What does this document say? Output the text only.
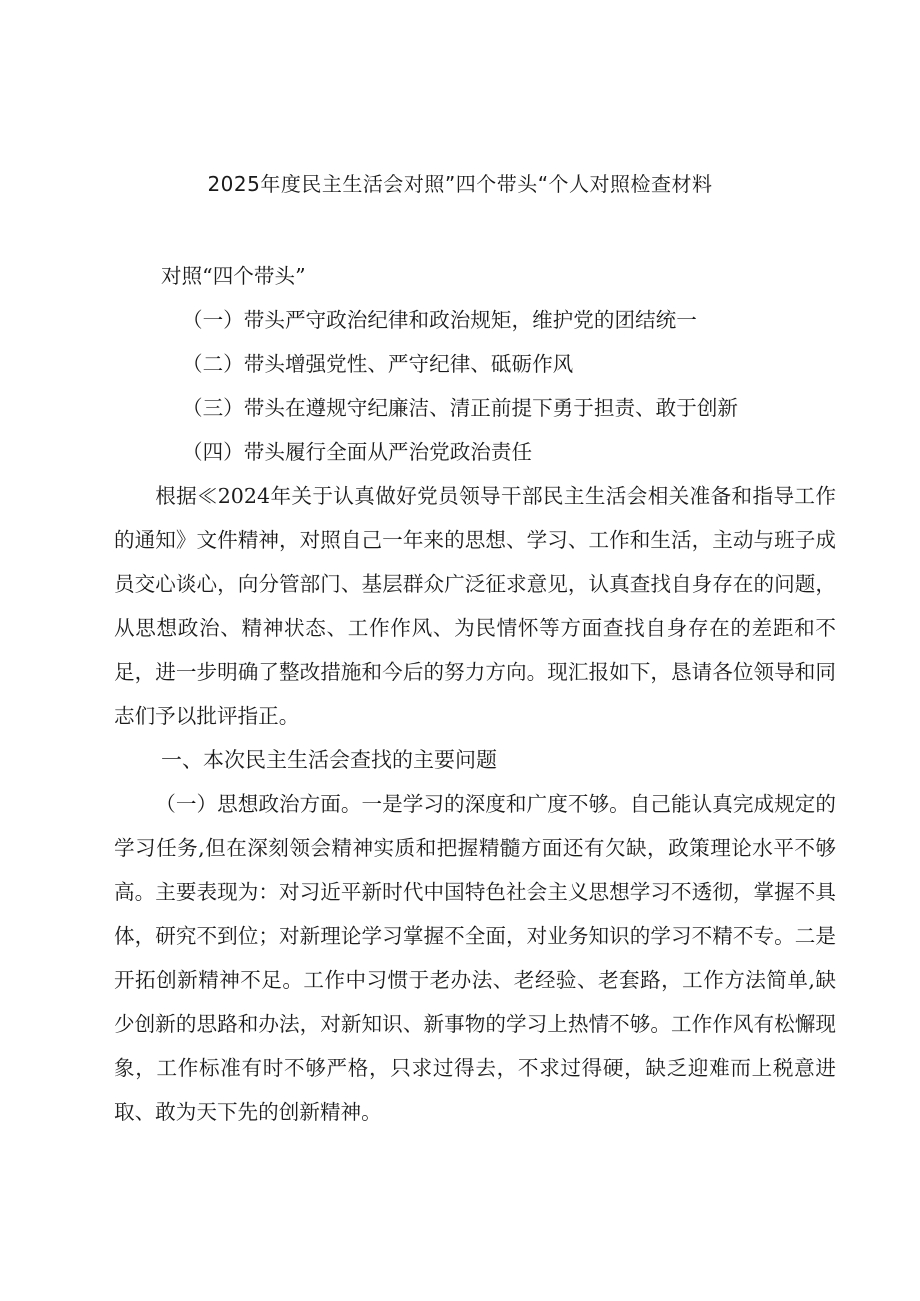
2025年度民主生活会对照”四个带头“个人对照检查材料

对照“四个带头”

（一）带头严守政治纪律和政治规矩，维护党的团结统一

（二）带头增强党性、严守纪律、砥砺作风

（三）带头在遵规守纪廉洁、清正前提下勇于担责、敢于创新

（四）带头履行全面从严治党政治责任

根据≪2024年关于认真做好党员领导干部民主生活会相关准备和指导工作的通知》文件精神，对照自己一年来的思想、学习、工作和生活，主动与班子成员交心谈心，向分管部门、基层群众广泛征求意见，认真查找自身存在的问题，从思想政治、精神状态、工作作风、为民情怀等方面查找自身存在的差距和不足，进一步明确了整改措施和今后的努力方向。现汇报如下，恳请各位领导和同志们予以批评指正。

一、本次民主生活会查找的主要问题

（一）思想政治方面。一是学习的深度和广度不够。自己能认真完成规定的学习任务,但在深刻领会精神实质和把握精髓方面还有欠缺，政策理论水平不够高。主要表现为：对习近平新时代中国特色社会主义思想学习不透彻，掌握不具体，研究不到位；对新理论学习掌握不全面，对业务知识的学习不精不专。二是开拓创新精神不足。工作中习惯于老办法、老经验、老套路，工作方法简单,缺少创新的思路和办法，对新知识、新事物的学习上热情不够。工作作风有松懈现象，工作标准有时不够严格，只求过得去，不求过得硬，缺乏迎难而上税意进取、敢为天下先的创新精神。
